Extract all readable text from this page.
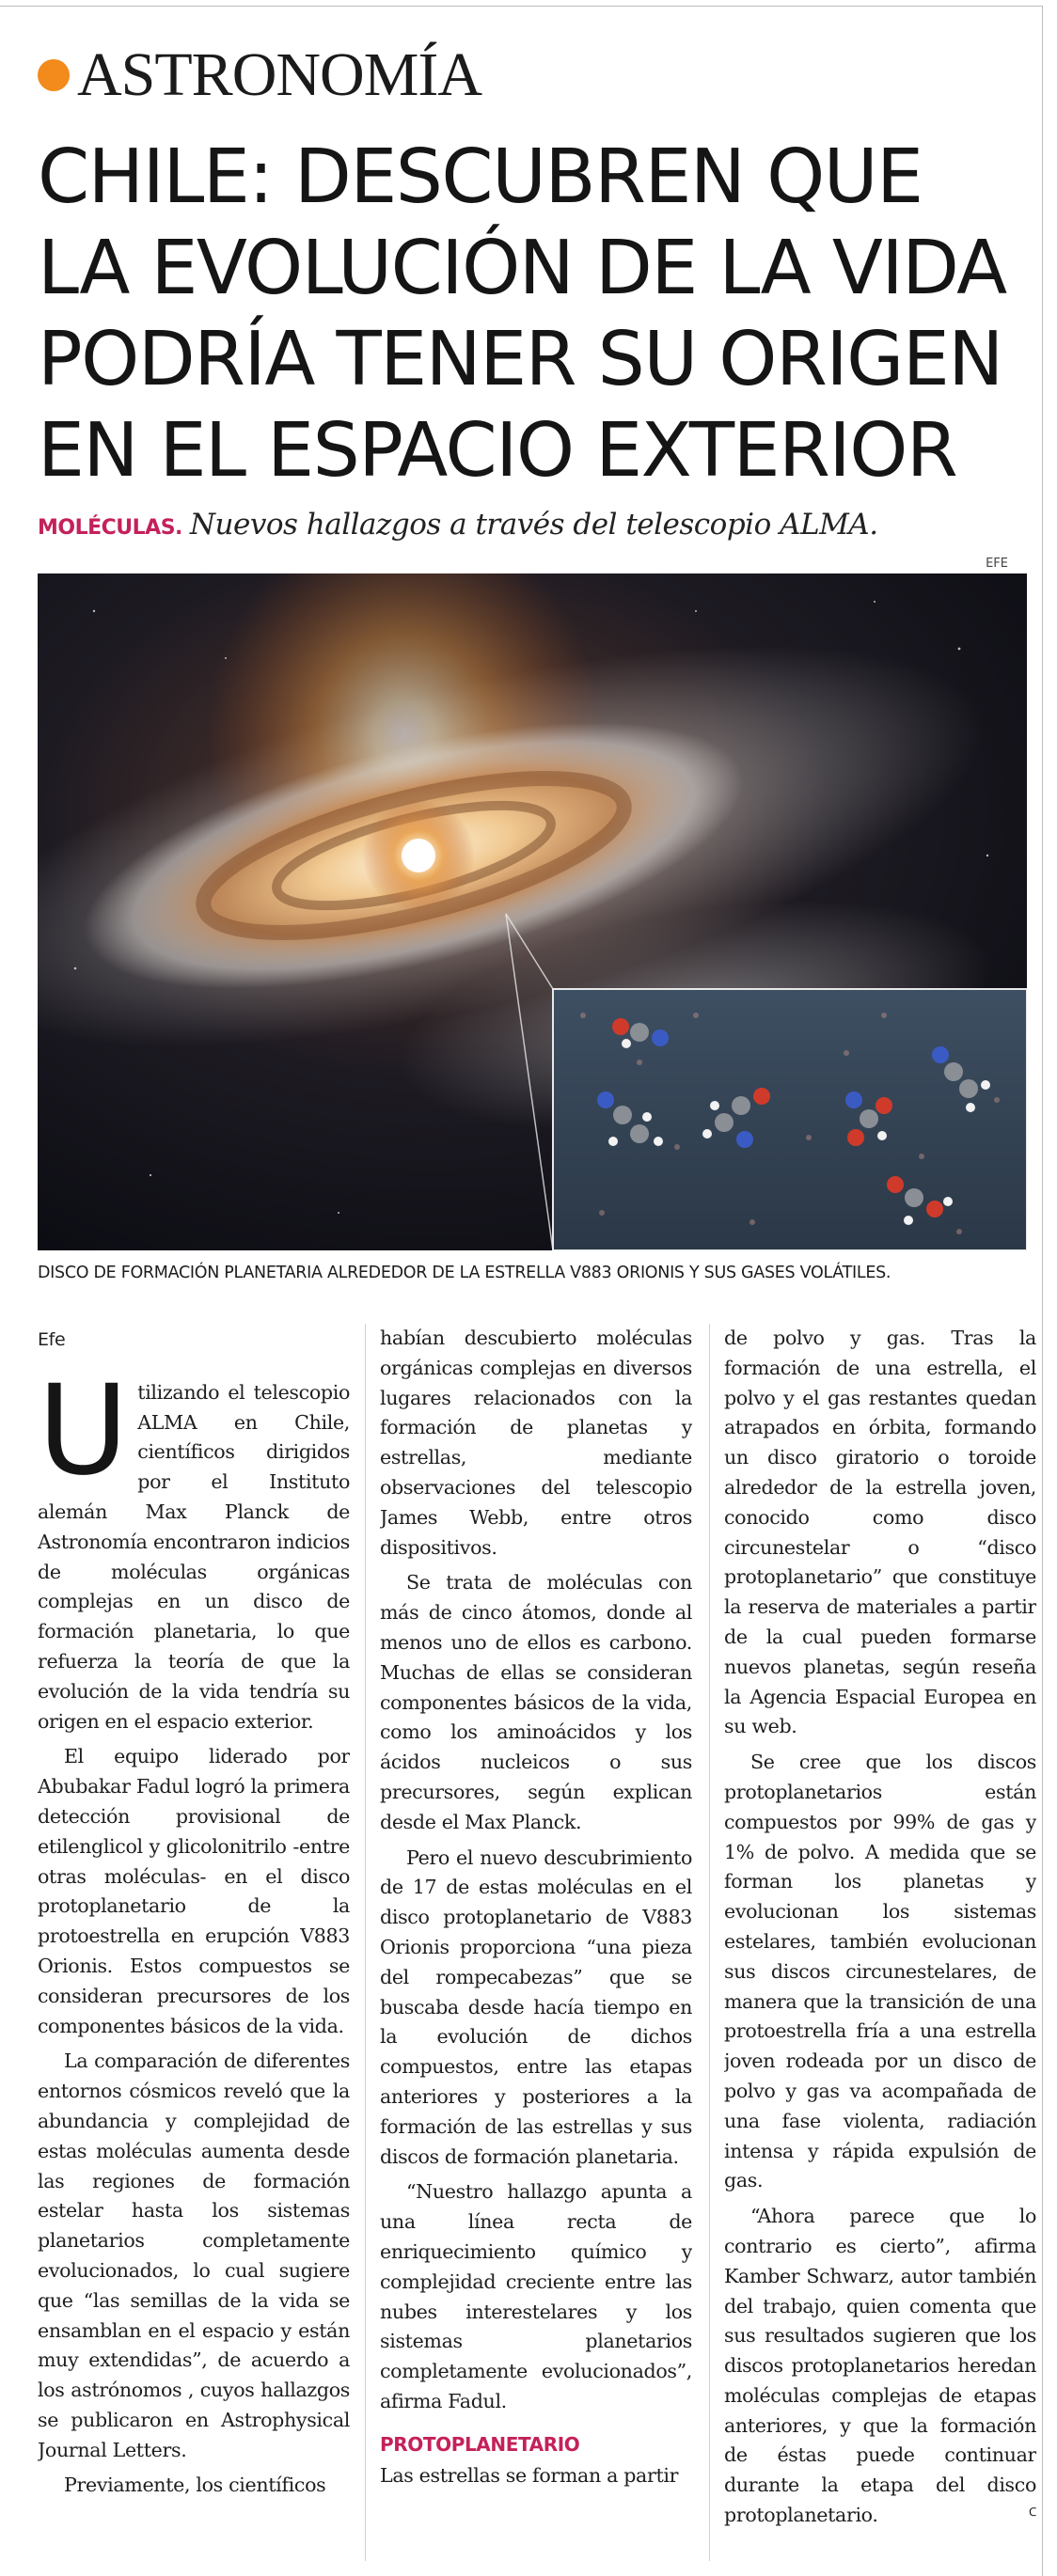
ASTRONOMÍA
CHILE: DESCUBREN QUE
LA EVOLUCIÓN DE LA VIDA
PODRÍA TENER SU ORIGEN
EN EL ESPACIO EXTERIOR
MOLÉCULAS. Nuevos hallazgos a través del telescopio ALMA.
EFE
DISCO DE FORMACIÓN PLANETARIA ALREDEDOR DE LA ESTRELLA V883 ORIONIS Y SUS GASES VOLÁTILES.
Efe

Utilizando el telescopio ALMA en Chile, científicos dirigidos por el Instituto alemán Max Planck de Astronomía encontraron indicios de moléculas orgánicas complejas en un disco de formación planetaria, lo que refuerza la teoría de que la evolución de la vida tendría su origen en el espacio exterior.

El equipo liderado por Abubakar Fadul logró la primera detección provisional de etilenglicol y glicolonitrilo -entre otras moléculas- en el disco protoplanetario de la protoestrella en erupción V883 Orionis. Estos compuestos se consideran precursores de los componentes básicos de la vida.

La comparación de diferentes entornos cósmicos reveló que la abundancia y complejidad de estas moléculas aumenta desde las regiones de formación estelar hasta los sistemas planetarios completamente evolucionados, lo cual sugiere que “las semillas de la vida se ensamblan en el espacio y están muy extendidas”, de acuerdo a los astrónomos , cuyos hallazgos se publicaron en Astrophysical Journal Letters.

Previamente, los científicos

habían descubierto moléculas orgánicas complejas en diversos lugares relacionados con la formación de planetas y estrellas, mediante observaciones del telescopio James Webb, entre otros dispositivos.

Se trata de moléculas con más de cinco átomos, donde al menos uno de ellos es carbono. Muchas de ellas se consideran componentes básicos de la vida, como los aminoácidos y los ácidos nucleicos o sus precursores, según explican desde el Max Planck.

Pero el nuevo descubrimiento de 17 de estas moléculas en el disco protoplanetario de V883 Orionis proporciona “una pieza del rompecabezas” que se buscaba desde hacía tiempo en la evolución de dichos compuestos, entre las etapas anteriores y posteriores a la formación de las estrellas y sus discos de formación planetaria.

“Nuestro hallazgo apunta a una línea recta de enriquecimiento químico y complejidad creciente entre las nubes interestelares y los sistemas planetarios completamente evolucionados”, afirma Fadul.

PROTOPLANETARIO

Las estrellas se forman a partir

de polvo y gas. Tras la formación de una estrella, el polvo y el gas restantes quedan atrapados en órbita, formando un disco giratorio o toroide alrededor de la estrella joven, conocido como disco circunestelar o “disco protoplanetario” que constituye la reserva de materiales a partir de la cual pueden formarse nuevos planetas, según reseña la Agencia Espacial Europea en su web.

Se cree que los discos protoplanetarios están compuestos por 99% de gas y 1% de polvo. A medida que se forman los planetas y evolucionan los sistemas estelares, también evolucionan sus discos circunestelares, de manera que la transición de una protoestrella fría a una estrella joven rodeada por un disco de polvo y gas va acompañada de una fase violenta, radiación intensa y rápida expulsión de gas.

“Ahora parece que lo contrario es cierto”, afirma Kamber Schwarz, autor también del trabajo, quien comenta que sus resultados sugieren que los discos protoplanetarios heredan moléculas complejas de etapas anteriores, y que la formación de éstas puede continuar durante la etapa del disco protoplanetario.	ꟲ
